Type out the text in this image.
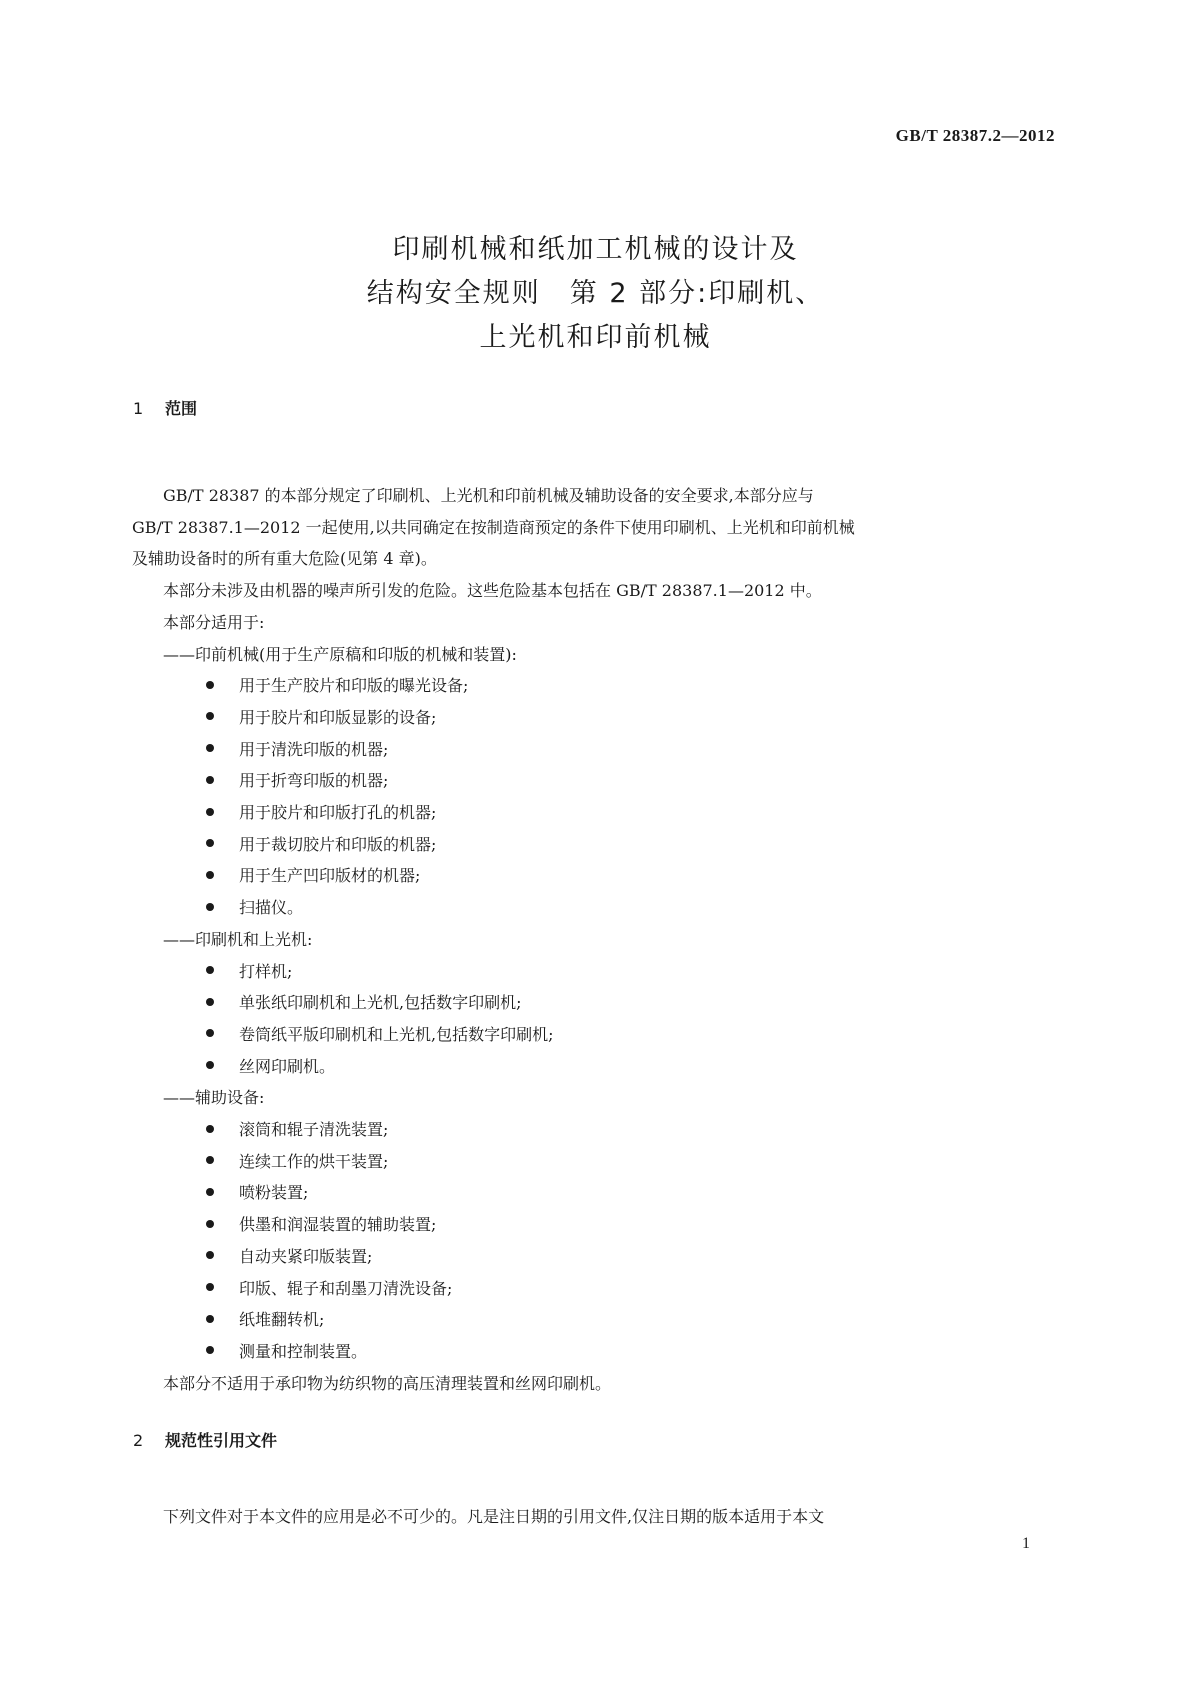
GB/T 28387.2—2012
印刷机械和纸加工机械的设计及
结构安全规则　第 2 部分:印刷机、
上光机和印前机械
1 范围

GB/T 28387 的本部分规定了印刷机、上光机和印前机械及辅助设备的安全要求,本部分应与

GB/T 28387.1—2012 一起使用,以共同确定在按制造商预定的条件下使用印刷机、上光机和印前机械

及辅助设备时的所有重大危险(见第 4 章)。

本部分未涉及由机器的噪声所引发的危险。这些危险基本包括在 GB/T 28387.1—2012 中。

本部分适用于:

——印前机械(用于生产原稿和印版的机械和装置):

用于生产胶片和印版的曝光设备;

用于胶片和印版显影的设备;

用于清洗印版的机器;

用于折弯印版的机器;

用于胶片和印版打孔的机器;

用于裁切胶片和印版的机器;

用于生产凹印版材的机器;

扫描仪。

——印刷机和上光机:

打样机;

单张纸印刷机和上光机,包括数字印刷机;

卷筒纸平版印刷机和上光机,包括数字印刷机;

丝网印刷机。

——辅助设备:

滚筒和辊子清洗装置;

连续工作的烘干装置;

喷粉装置;

供墨和润湿装置的辅助装置;

自动夹紧印版装置;

印版、辊子和刮墨刀清洗设备;

纸堆翻转机;

测量和控制装置。

本部分不适用于承印物为纺织物的高压清理装置和丝网印刷机。

2 规范性引用文件

下列文件对于本文件的应用是必不可少的。凡是注日期的引用文件,仅注日期的版本适用于本文

1
